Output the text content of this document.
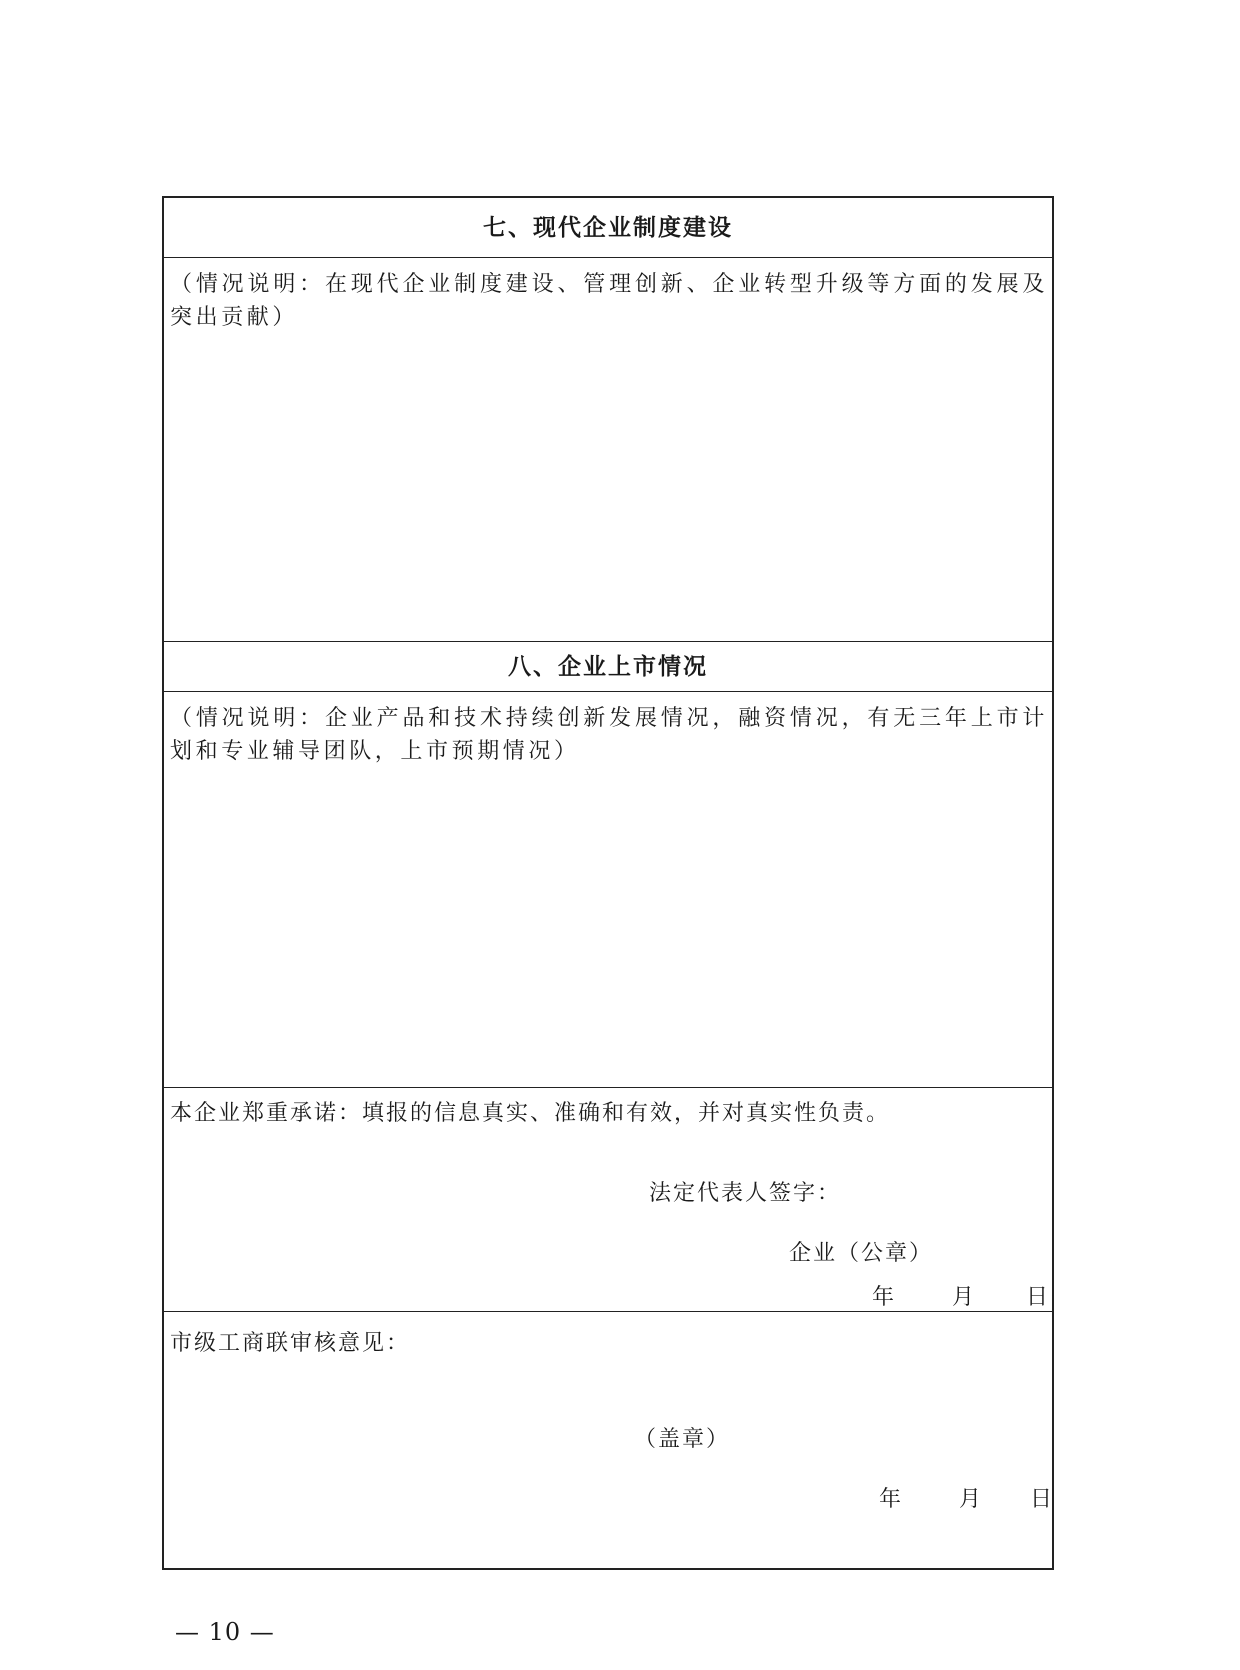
七、现代企业制度建设
（情况说明：在现代企业制度建设、管理创新、企业转型升级等方面的发展及突出贡献）
八、企业上市情况
（情况说明：企业产品和技术持续创新发展情况，融资情况，有无三年上市计划和专业辅导团队，上市预期情况）
本企业郑重承诺：填报的信息真实、准确和有效，并对真实性负责。
法定代表人签字：
企业（公章）
年	月 日
市级工商联审核意见：
（盖章）
年	月 日
— 10 —
